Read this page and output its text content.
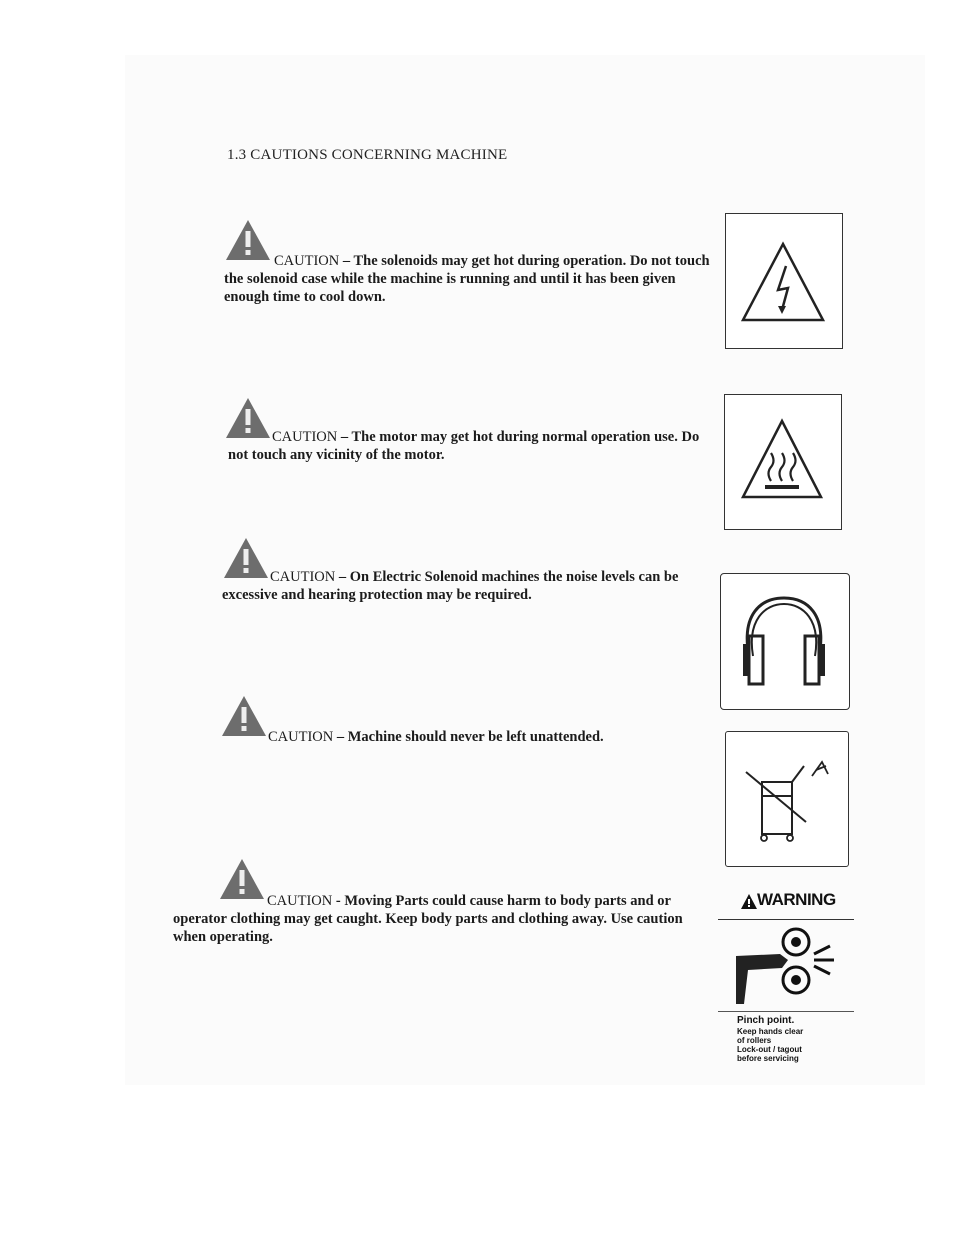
1.3 CAUTIONS CONCERNING MACHINE
CAUTION – The solenoids may get hot during operation. Do not touch the solenoid case while the machine is running and until it has been given enough time to cool down.
CAUTION – The motor may get hot during normal operation use. Do not touch any vicinity of the motor.
CAUTION – On Electric Solenoid machines the noise levels can be excessive and hearing protection may be required.
CAUTION – Machine should never be left unattended.
CAUTION - Moving Parts could cause harm to body parts and or operator clothing may get caught. Keep body parts and clothing away. Use caution when operating.
WARNING
Pinch point.
Keep hands clear
of rollers
Lock-out / tagout
before servicing
